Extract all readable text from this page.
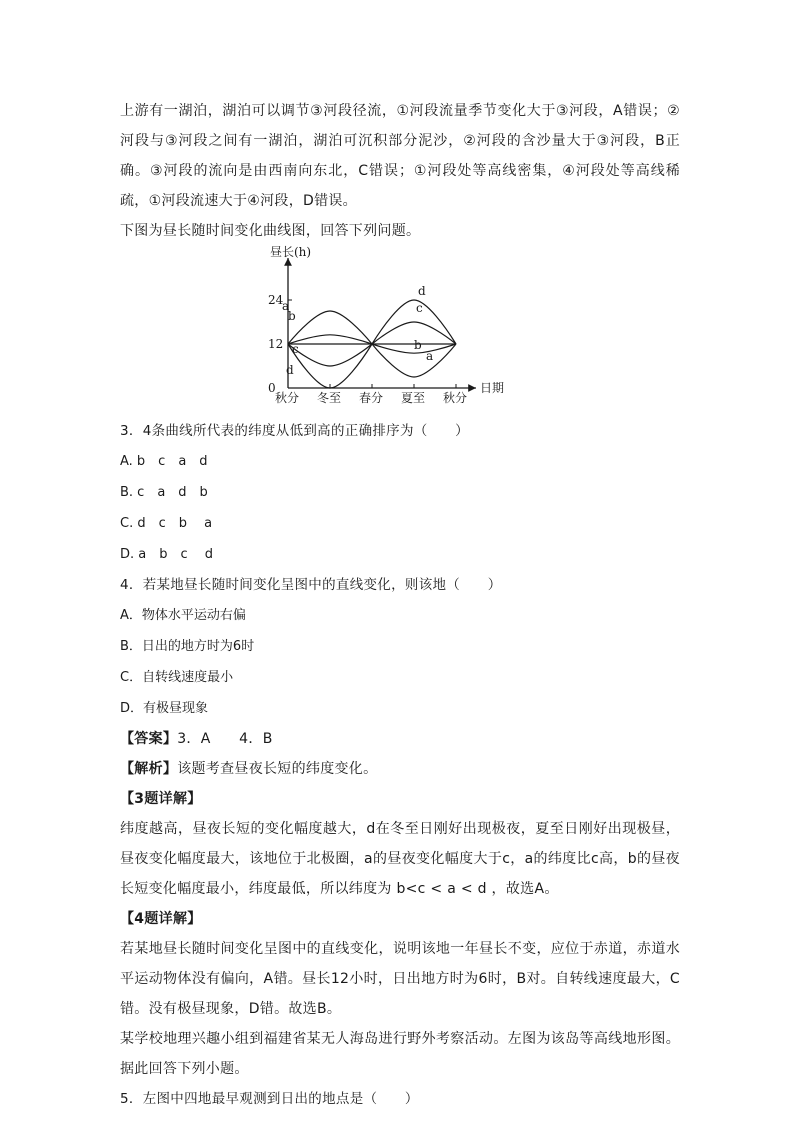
上游有一湖泊，湖泊可以调节③河段径流，①河段流量季节变化大于③河段，A错误；②河段与③河段之间有一湖泊，湖泊可沉积部分泥沙，②河段的含沙量大于③河段，B正确。③河段的流向是由西南向东北，C错误；①河段处等高线密集，④河段处等高线稀疏，①河段流速大于④河段，D错误。

下图为昼长随时间变化曲线图，回答下列问题。

昼长(h)
日期
24
12
0
秋分 冬至 春分 夏至 秋分
a
a
b
b
c
c
d
d

3．4条曲线所代表的纬度从低到高的正确排序为（　　）

A. b　c　a　d
B. c　a　d　b
C. d　c　b　 a
D. a　b　c　 d

4．若某地昼长随时间变化呈图中的直线变化，则该地（　　）

A．物体水平运动右偏
B．日出的地方时为6时
C．自转线速度最小
D．有极昼现象

【答案】3．A　　4．B

【解析】该题考查昼夜长短的纬度变化。

【3题详解】

纬度越高，昼夜长短的变化幅度越大，d在冬至日刚好出现极夜，夏至日刚好出现极昼，昼夜变化幅度最大，该地位于北极圈，a的昼夜变化幅度大于c，a的纬度比c高，b的昼夜长短变化幅度最小，纬度最低，所以纬度为 b<c < a < d ，故选A。

【4题详解】

若某地昼长随时间变化呈图中的直线变化，说明该地一年昼长不变，应位于赤道，赤道水平运动物体没有偏向，A错。昼长12小时，日出地方时为6时，B对。自转线速度最大，C错。没有极昼现象，D错。故选B。

某学校地理兴趣小组到福建省某无人海岛进行野外考察活动。左图为该岛等高线地形图。据此回答下列小题。

5．左图中四地最早观测到日出的地点是（　　）
